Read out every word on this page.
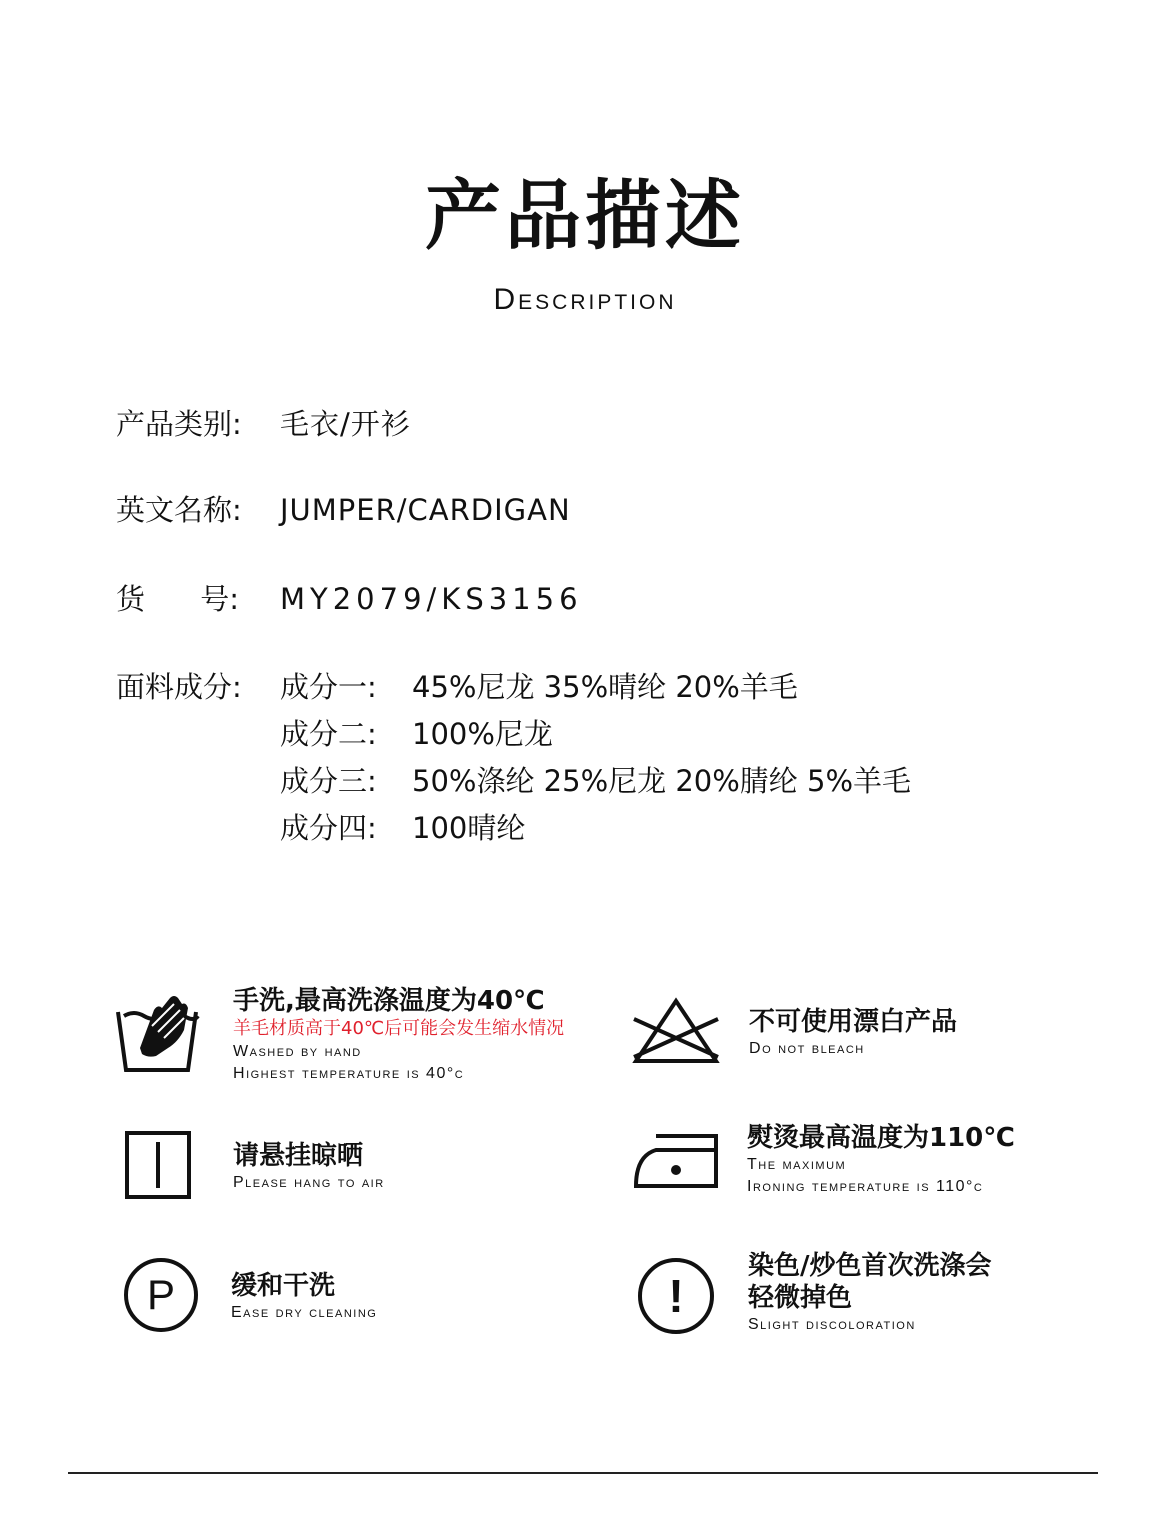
产品描述
Description
产品类别: 毛衣/开衫
英文名称: JUMPER/CARDIGAN
货      号: MY2079/KS3156
面料成分:	成分一: 45%尼龙 35%晴纶 20%羊毛
成分二: 100%尼龙
成分三: 50%涤纶 25%尼龙 20%腈纶 5%羊毛
成分四: 100晴纶
手洗,最高洗涤温度为40℃
羊毛材质高于40℃后可能会发生缩水情况
Washed by hand
Highest temperature is 40°c
不可使用漂白产品
Do not bleach
请悬挂晾晒
Please hang to air
熨烫最高温度为110℃
The maximum
Ironing temperature is 110°c
P 缓和干洗
Ease dry cleaning	!
染色/炒色首次洗涤会
轻微掉色
Slight discoloration
